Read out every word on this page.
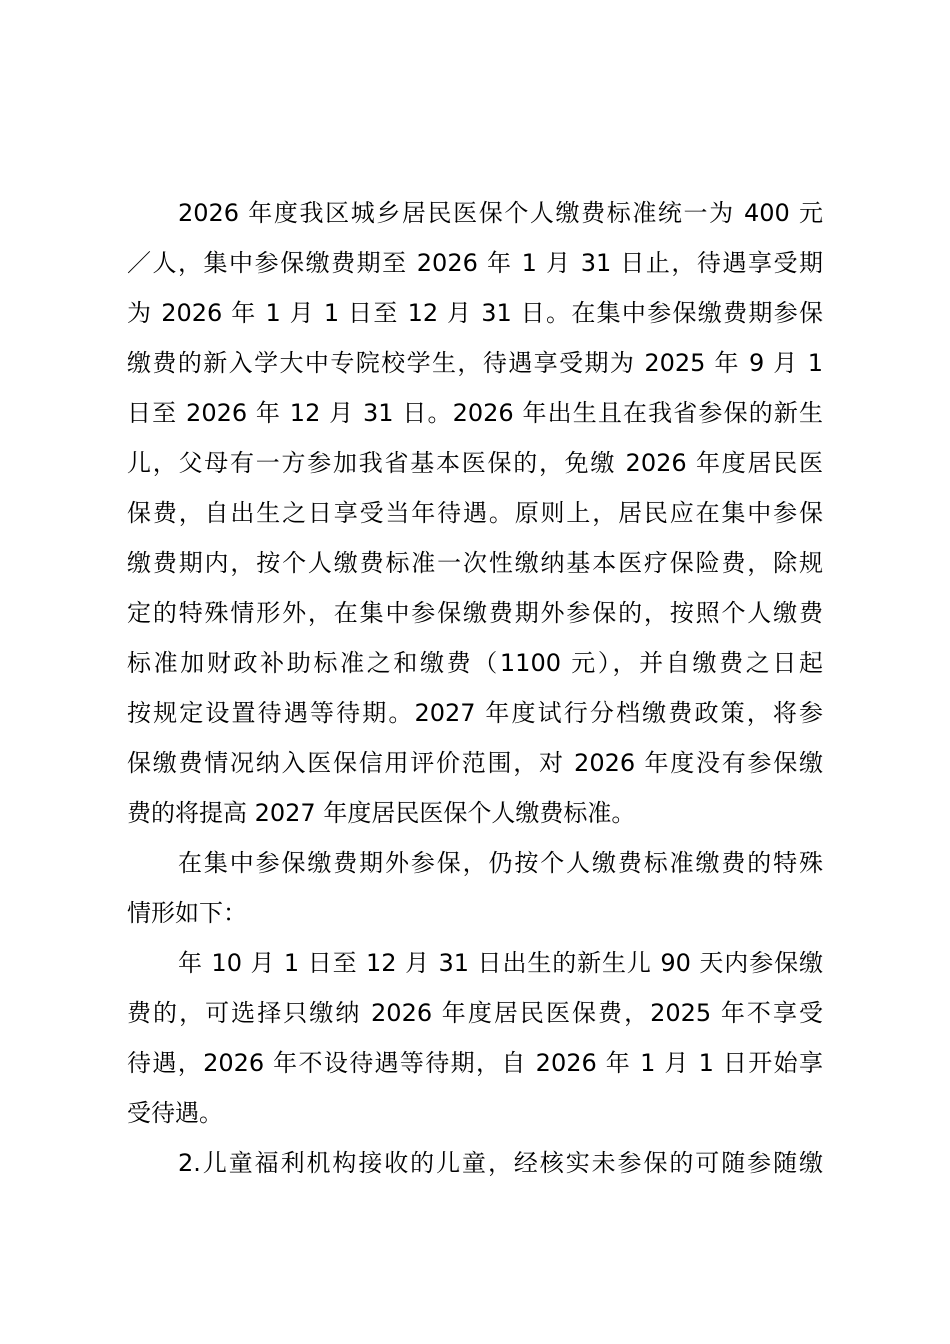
2026 年度我区城乡居民医保个人缴费标准统一为 400 元
／人，集中参保缴费期至 2026 年 1 月 31 日止，待遇享受期
为 2026 年 1 月 1 日至 12 月 31 日。在集中参保缴费期参保
缴费的新入学大中专院校学生，待遇享受期为 2025 年 9 月 1
日至 2026 年 12 月 31 日。2026 年出生且在我省参保的新生
儿，父母有一方参加我省基本医保的，免缴 2026 年度居民医
保费，自出生之日享受当年待遇。原则上，居民应在集中参保
缴费期内，按个人缴费标准一次性缴纳基本医疗保险费，除规
定的特殊情形外，在集中参保缴费期外参保的，按照个人缴费
标准加财政补助标准之和缴费（1100 元），并自缴费之日起
按规定设置待遇等待期。2027 年度试行分档缴费政策，将参
保缴费情况纳入医保信用评价范围，对 2026 年度没有参保缴
费的将提高 2027 年度居民医保个人缴费标准。
在集中参保缴费期外参保，仍按个人缴费标准缴费的特殊
情形如下：
年 10 月 1 日至 12 月 31 日出生的新生儿 90 天内参保缴
费的，可选择只缴纳 2026 年度居民医保费，2025 年不享受
待遇，2026 年不设待遇等待期，自 2026 年 1 月 1 日开始享
受待遇。
2.儿童福利机构接收的儿童，经核实未参保的可随参随缴
